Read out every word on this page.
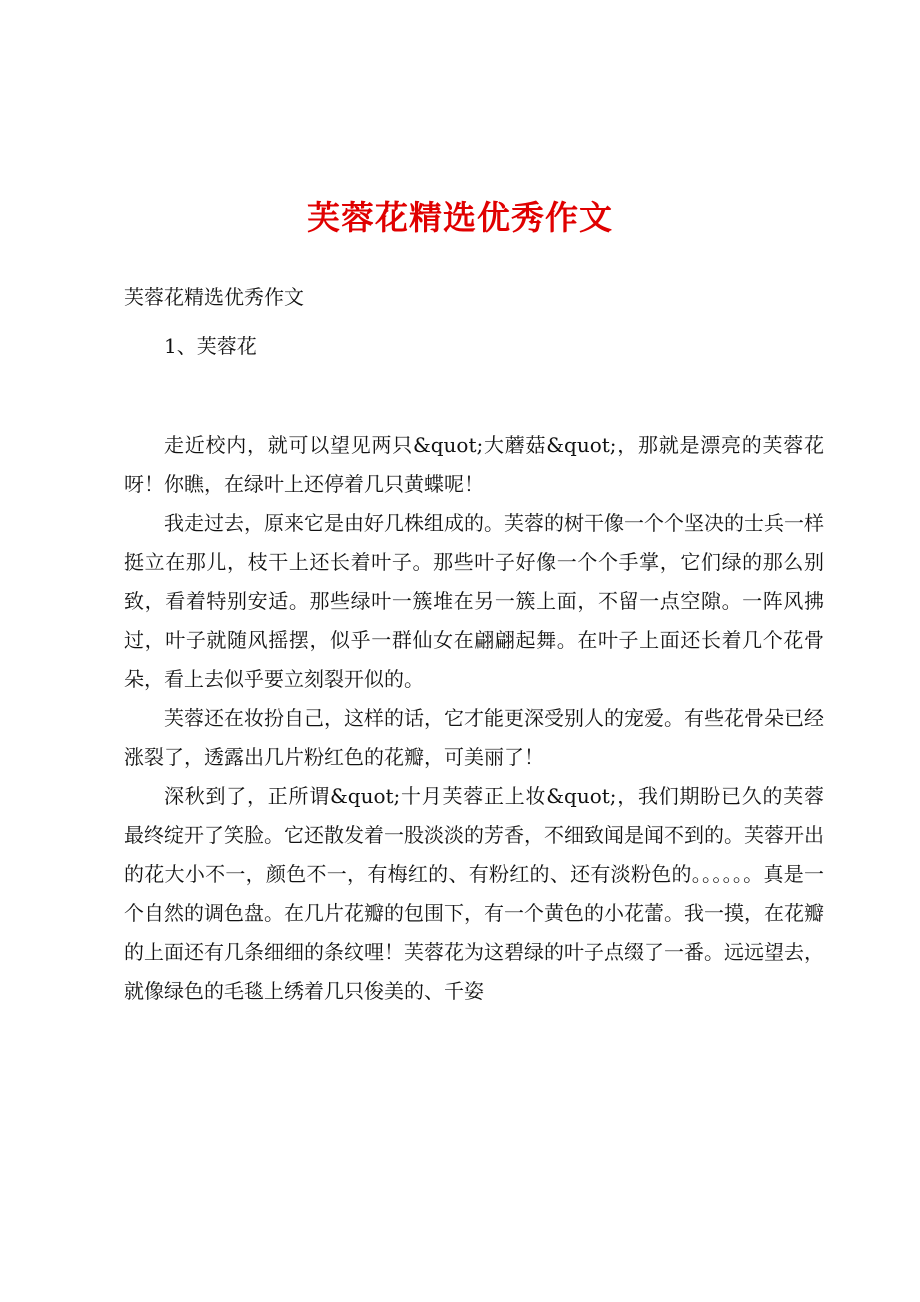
芙蓉花精选优秀作文

芙蓉花精选优秀作文

1、芙蓉花

走近校内，就可以望见两只&quot;大蘑菇&quot;，那就是漂亮的芙蓉花呀！你瞧，在绿叶上还停着几只黄蝶呢！

我走过去，原来它是由好几株组成的。芙蓉的树干像一个个坚决的士兵一样挺立在那儿，枝干上还长着叶子。那些叶子好像一个个手掌，它们绿的那么别致，看着特别安适。那些绿叶一簇堆在另一簇上面，不留一点空隙。一阵风拂过，叶子就随风摇摆，似乎一群仙女在翩翩起舞。在叶子上面还长着几个花骨朵，看上去似乎要立刻裂开似的。

芙蓉还在妆扮自己，这样的话，它才能更深受别人的宠爱。有些花骨朵已经涨裂了，透露出几片粉红色的花瓣，可美丽了！

深秋到了，正所谓&quot;十月芙蓉正上妆&quot;，我们期盼已久的芙蓉最终绽开了笑脸。它还散发着一股淡淡的芳香，不细致闻是闻不到的。芙蓉开出的花大小不一，颜色不一，有梅红的、有粉红的、还有淡粉色的。。。。。。真是一个自然的调色盘。在几片花瓣的包围下，有一个黄色的小花蕾。我一摸，在花瓣的上面还有几条细细的条纹哩！芙蓉花为这碧绿的叶子点缀了一番。远远望去，就像绿色的毛毯上绣着几只俊美的、千姿
